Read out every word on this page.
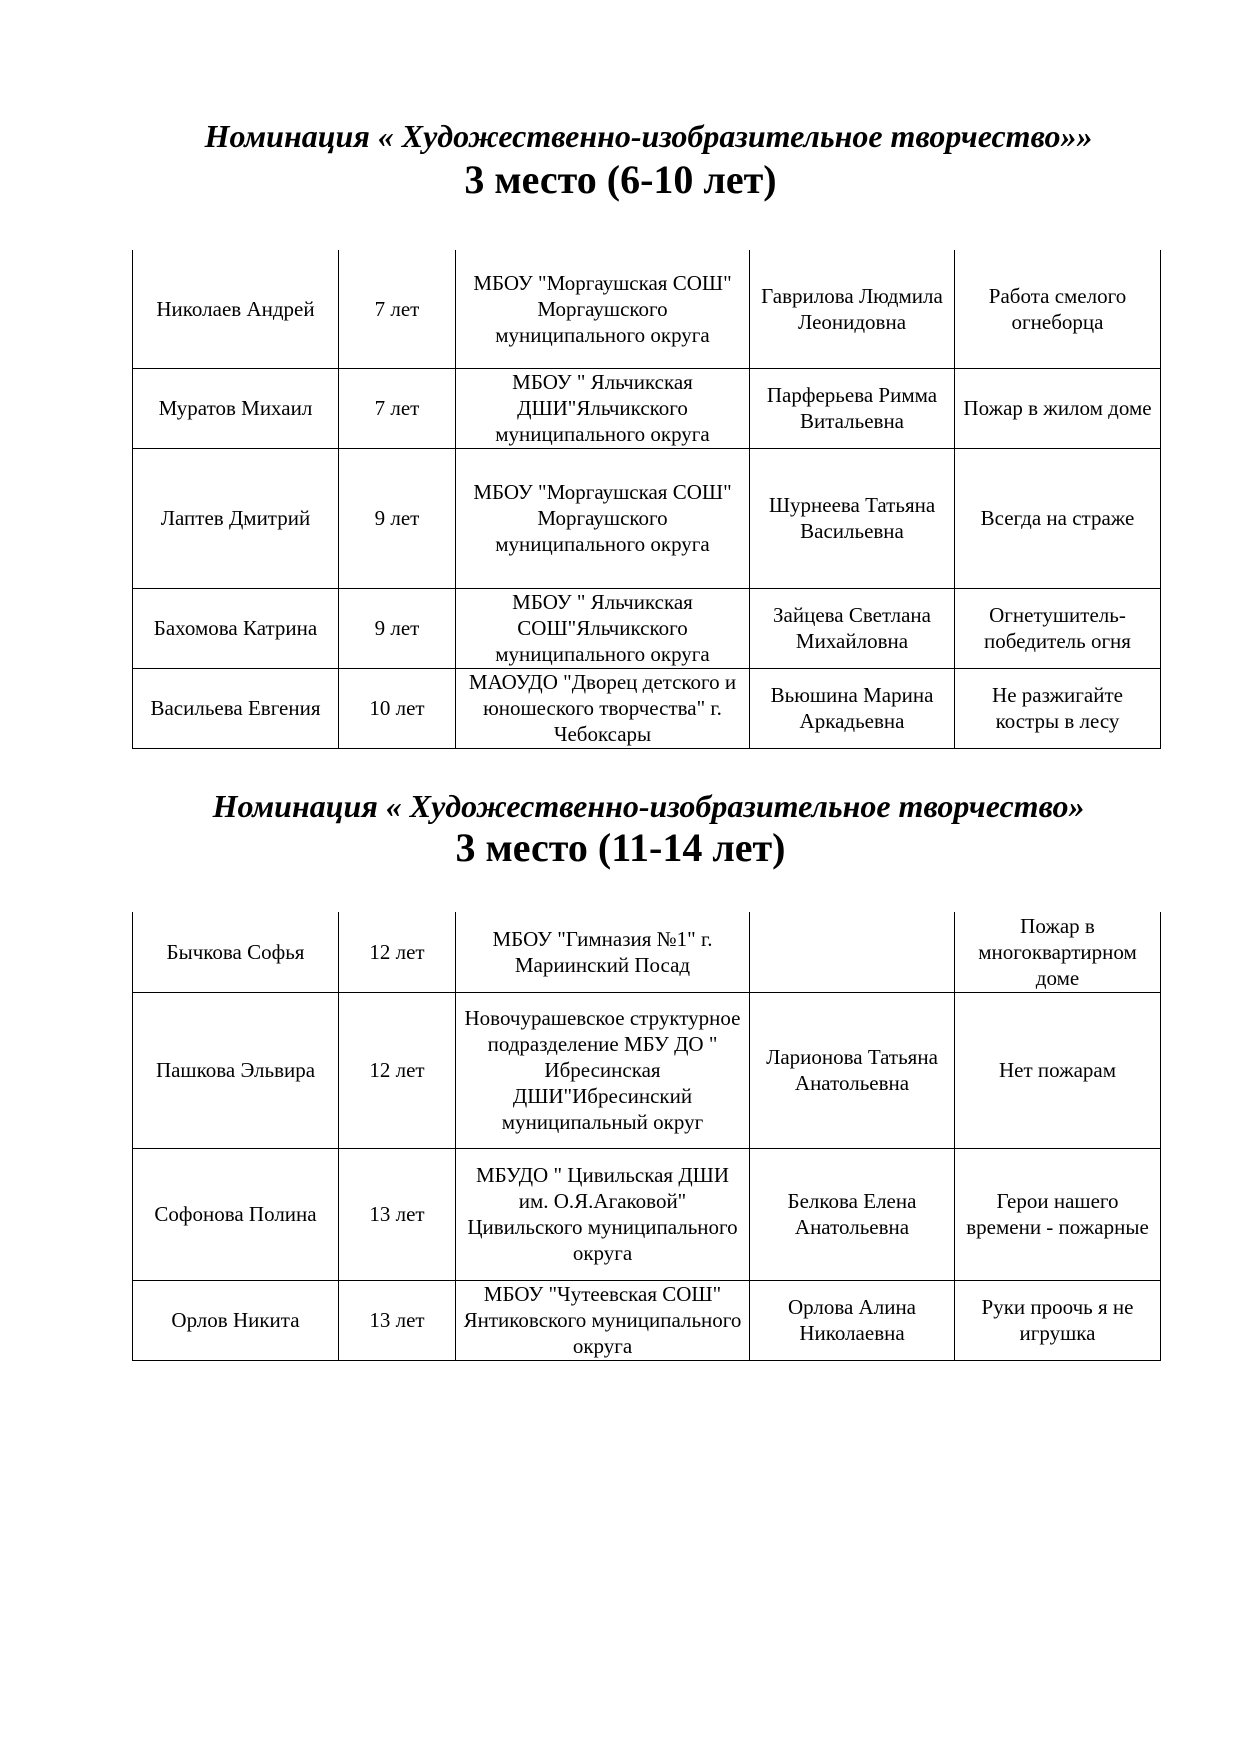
Номинация « Художественно-изобразительное творчество»»
3 место (6-10 лет)
Николаев Андрей	7 лет	МБОУ "Моргаушская СОШ" Моргаушского муниципального округа	Гаврилова Людмила Леонидовна	Работа смелого огнеборца
Муратов Михаил	7 лет	МБОУ " Яльчикская ДШИ"Яльчикского муниципального округа	Парферьева Римма Витальевна	Пожар в жилом доме
Лаптев Дмитрий	9 лет	МБОУ "Моргаушская СОШ" Моргаушского муниципального округа	Шурнеева Татьяна Васильевна	Всегда на страже
Бахомова Катрина	9 лет	МБОУ " Яльчикская СОШ"Яльчикского муниципального округа	Зайцева Светлана Михайловна	Огнетушитель-победитель огня
Васильева Евгения	10 лет	МАОУДО "Дворец детского и юношеского творчества" г. Чебоксары	Вьюшина Марина Аркадьевна	Не разжигайте костры в лесу
Номинация « Художественно-изобразительное творчество»
3 место (11-14 лет)
Бычкова Софья	12 лет	МБОУ "Гимназия №1" г. Мариинский Посад		Пожар в многоквартирном доме
Пашкова Эльвира	12 лет	Новочурашевское структурное подразделение МБУ ДО " Ибресинская ДШИ"Ибресинский муниципальный округ	Ларионова Татьяна Анатольевна	Нет пожарам
Софонова Полина	13 лет	МБУДО " Цивильская ДШИ им. О.Я.Агаковой" Цивильского муниципального округа	Белкова Елена Анатольевна	Герои нашего времени - пожарные
Орлов Никита	13 лет	МБОУ "Чутеевская СОШ" Янтиковского муниципального округа	Орлова Алина Николаевна	Руки проочь я не игрушка
